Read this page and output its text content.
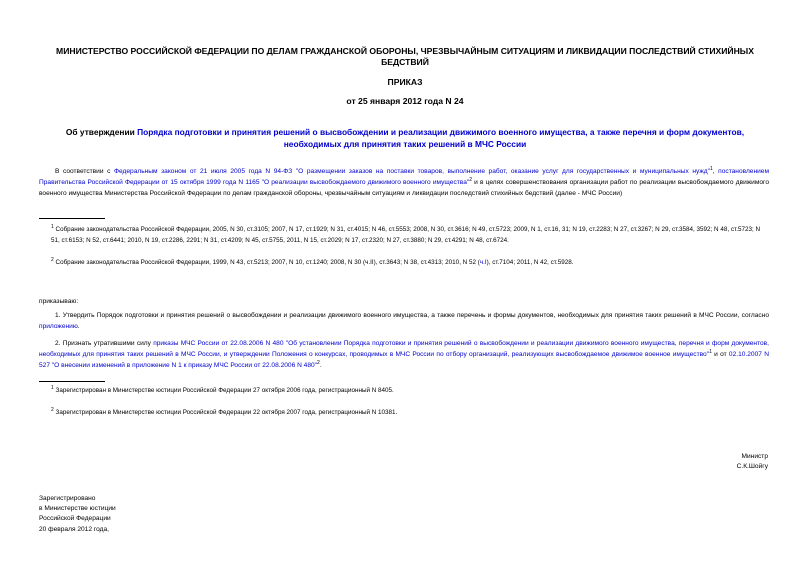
МИНИСТЕРСТВО РОССИЙСКОЙ ФЕДЕРАЦИИ ПО ДЕЛАМ ГРАЖДАНСКОЙ ОБОРОНЫ, ЧРЕЗВЫЧАЙНЫМ СИТУАЦИЯМ И ЛИКВИДАЦИИ ПОСЛЕДСТВИЙ СТИХИЙНЫХ
БЕДСТВИЙ
ПРИКАЗ
от 25 января 2012 года N 24
Об утверждении Порядка подготовки и принятия решений о высвобождении и реализации движимого военного имущества, а также перечня и форм документов,
необходимых для принятия таких решений в МЧС России
В соответствии с Федеральным законом от 21 июля 2005 года N 94-ФЗ "О размещении заказов на поставки товаров, выполнение работ, оказание услуг для государственных и муниципальных нужд"$^1$, постановлением Правительства Российской Федерации от 15 октября 1999 года N 1165 "О реализации высвобождаемого движимого военного имущества"$^2$ и в целях совершенствования организации работ по реализации высвобождаемого движимого военного имущества Министерства Российской Федерации по делам гражданской обороны, чрезвычайным ситуациям и ликвидации последствий стихийных бедствий (далее - МЧС России)
$^1$ Собрание законодательства Российской Федерации, 2005, N 30, ст.3105; 2007, N 17, ст.1929; N 31, ст.4015; N 46, ст.5553; 2008, N 30, ст.3616; N 49, ст.5723; 2009, N 1, ст.16, 31; N 19, ст.2283; N 27, ст.3267; N 29, ст.3584, 3592; N 48, ст.5723; N 51, ст.6153; N 52, ст.6441; 2010, N 19, ст.2286, 2291; N 31, ст.4209; N 45, ст.5755, 2011, N 15, ст.2029; N 17, ст.2320; N 27, ст.3880; N 29, ст.4291; N 48, ст.6724.
$^2$ Собрание законодательства Российской Федерации, 1999, N 43, ст.5213; 2007, N 10, ст.1240; 2008, N 30 (ч.II), ст.3643; N 38, ст.4313; 2010, N 52 (ч.I), ст.7104; 2011, N 42, ст.5928.
приказываю:
1. Утвердить Порядок подготовки и принятия решений о высвобождении и реализации движимого военного имущества, а также перечень и формы документов, необходимых для принятия таких решений в МЧС России, согласно приложению.
2. Признать утратившими силу приказы МЧС России от 22.08.2006 N 480 "Об установлении Порядка подготовки и принятия решений о высвобождении и реализации движимого военного имущества, перечня и форм документов, необходимых для принятия таких решений в МЧС России, и утверждении Положения о конкурсах, проводимых в МЧС России по отбору организаций, реализующих высвобождаемое движимое военное имущество"$^1$ и от 02.10.2007 N 527 "О внесении изменений в приложение N 1 к приказу МЧС России от 22.08.2006 N 480"$^2$.
$^1$ Зарегистрирован в Министерстве юстиции Российской Федерации 27 октября 2006 года, регистрационный N 8405.
$^2$ Зарегистрирован в Министерстве юстиции Российской Федерации 22 октября 2007 года, регистрационный N 10381.
Министр
С.К.Шойгу
Зарегистрировано
в Министерстве юстиции
Российской Федерации
20 февраля 2012 года,
